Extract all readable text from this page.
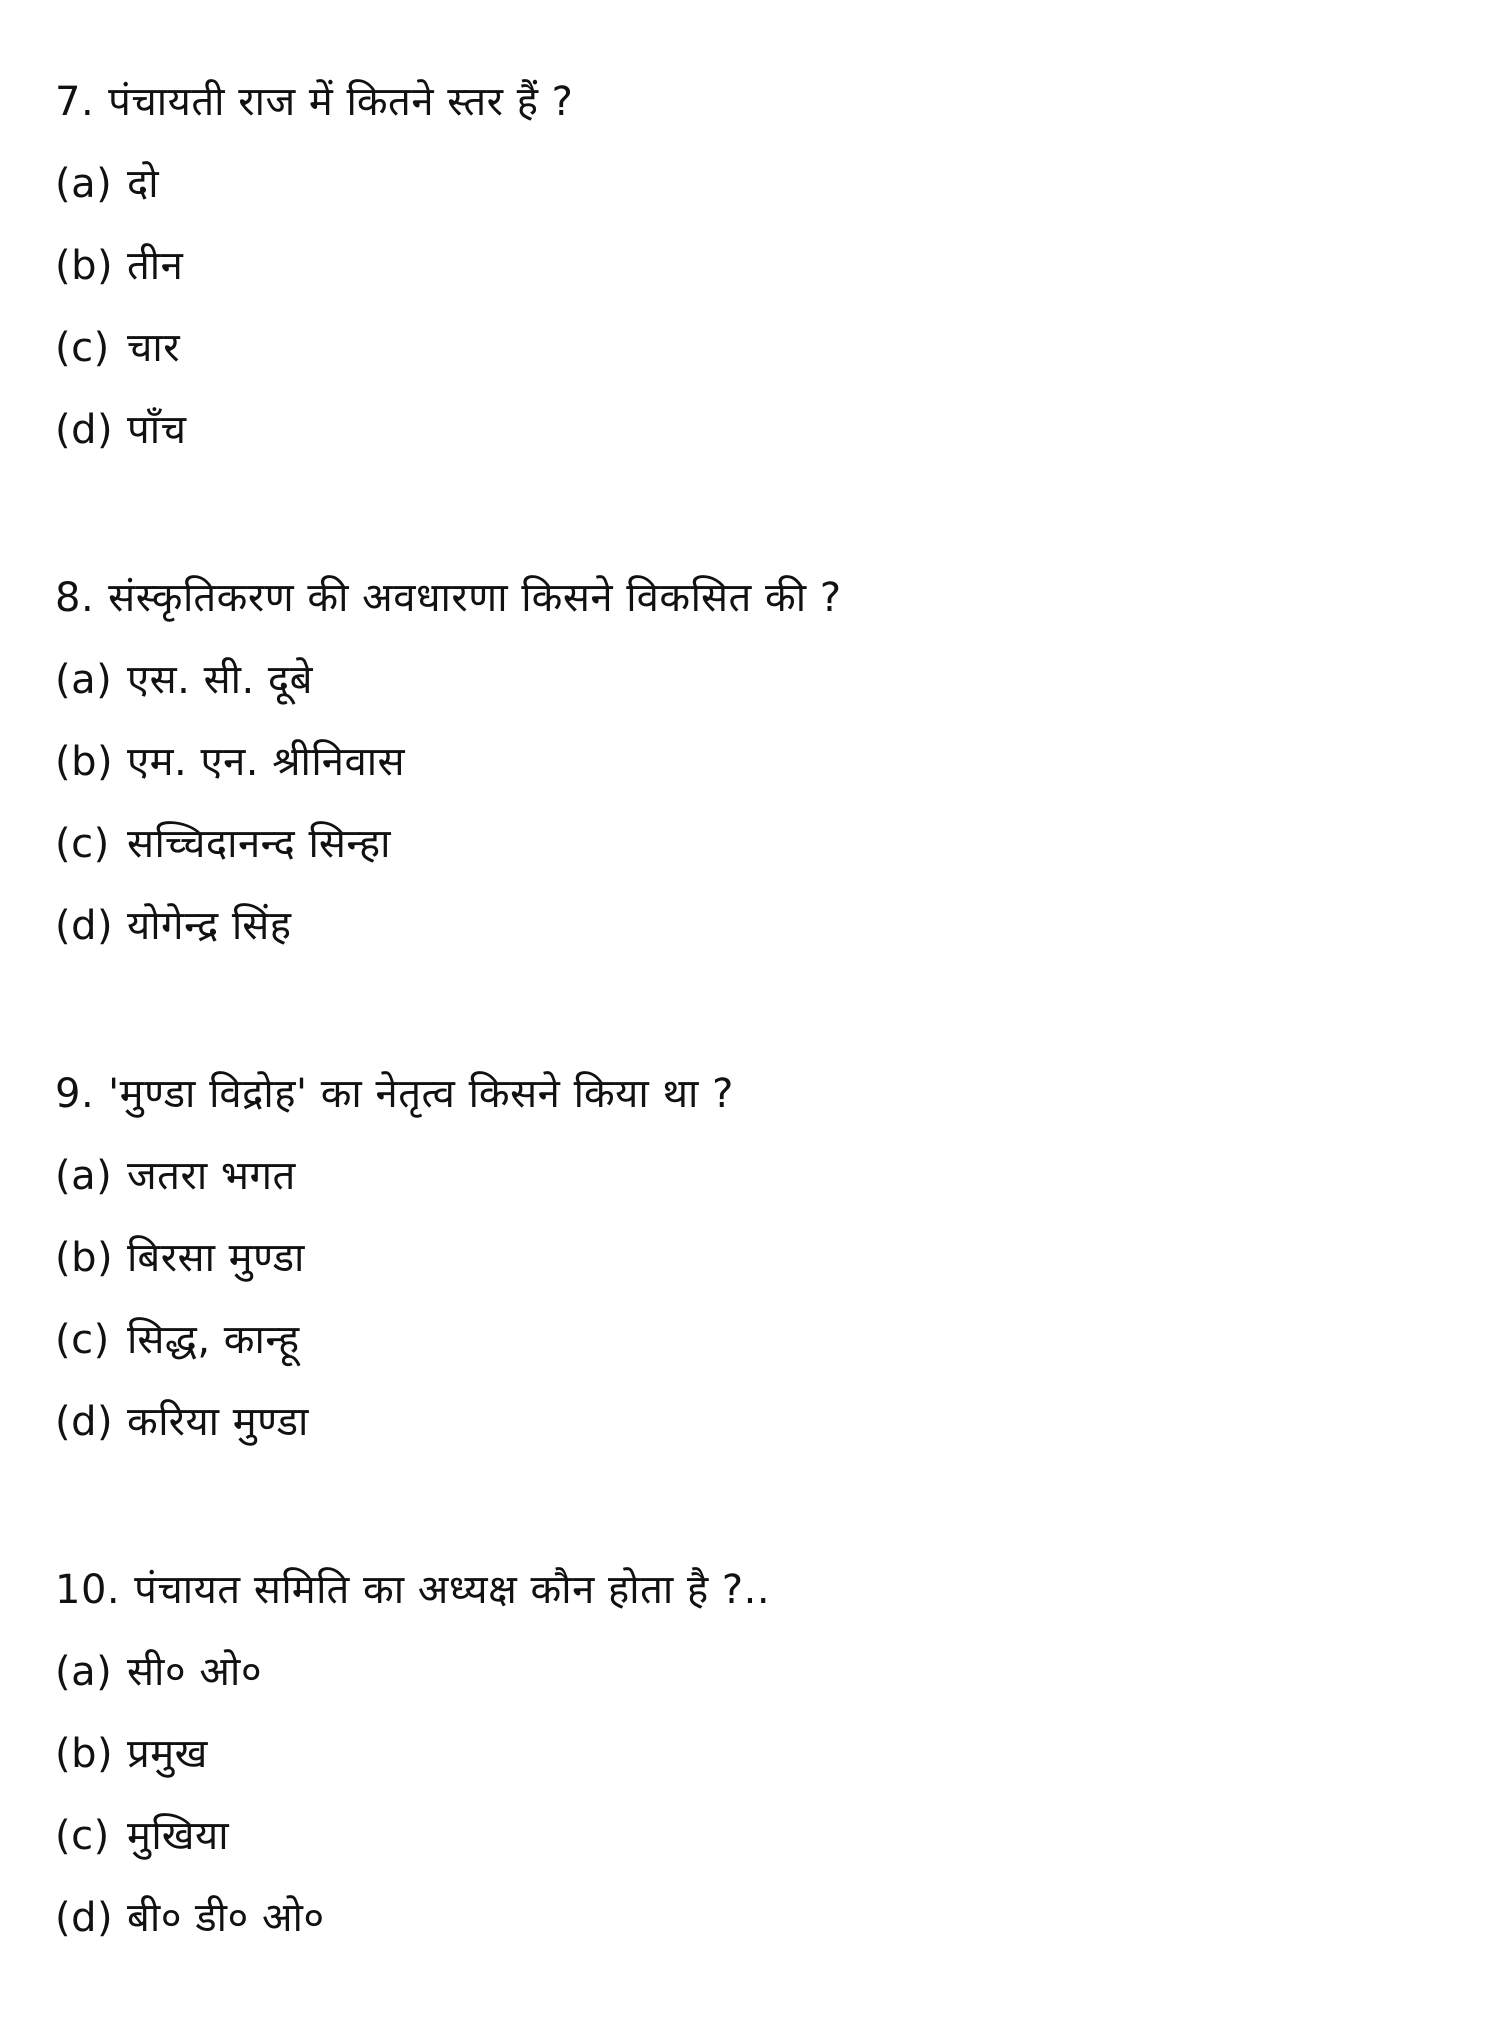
7. पंचायती राज में कितने स्तर हैं ?
(a) दो
(b) तीन
(c) चार
(d) पाँच
8. संस्कृतिकरण की अवधारणा किसने विकसित की ?
(a) एस. सी. दूबे
(b) एम. एन. श्रीनिवास
(c) सच्चिदानन्द सिन्हा
(d) योगेन्द्र सिंह
9. 'मुण्डा विद्रोह' का नेतृत्व किसने किया था ?
(a) जतरा भगत
(b) बिरसा मुण्डा
(c) सिद्ध, कान्हू
(d) करिया मुण्डा
10. पंचायत समिति का अध्यक्ष कौन होता है ?..
(a) सी० ओ०
(b) प्रमुख
(c) मुखिया
(d) बी० डी० ओ०
